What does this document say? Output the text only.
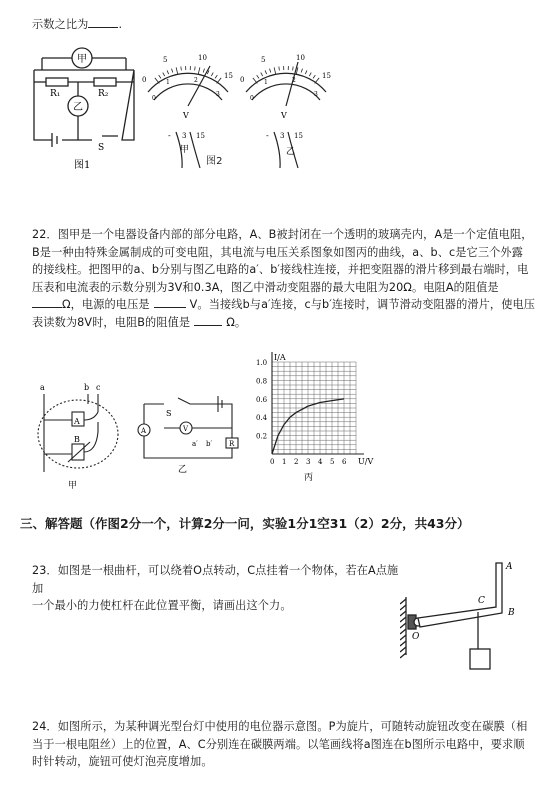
示数之比为	.
甲
乙
R₁	R₂
S
图1
0
5	10
15
0
1	2
3
V
- 3 15
甲
0
5	10
15
0
1	2
3
V
- 3 15
乙
图2
22．图甲是一个电器设备内部的部分电路，A、B被封闭在一个透明的玻璃壳内，A是一个定值电阻，
B是一种由特殊金属制成的可变电阻，其电流与电压关系图象如图丙的曲线，a、b、c是它三个外露
的接线柱。把图甲的a、b分别与图乙电路的a′、b′接线柱连接，并把变阻器的滑片移到最右端时，电
压表和电流表的示数分别为3V和0.3A，图乙中滑动变阻器的最大电阻为20Ω。电阻A的阻值是
Ω，电源的电压是	V。当接线b与a′连接，c与b′连接时，调节滑动变阻器的滑片，使电压
表读数为8V时，电阻B的阻值是	Ω。
a	b c
A
B
甲
S
A	V
a′ b′ R
乙
0 1 2 3 4 5 6
0.2
0.4
0.6
0.8
1.0
I/A
U/V
丙
三、解答题（作图2分一个，计算2分一问，实验1分1空31（2）2分，共43分）
23．如图是一根曲杆，可以绕着O点转动，C点挂着一个物体，若在A点施加
一个最小的力使杠杆在此位置平衡，请画出这个力。
A
B
C
O
24．如图所示，为某种调光型台灯中使用的电位器示意图。P为旋片，可随转动旋钮改变在碳膜（相
当于一根电阻丝）上的位置，A、C分别连在碳膜两端。以笔画线将a图连在b图所示电路中，要求顺
时针转动，旋钮可使灯泡亮度增加。
